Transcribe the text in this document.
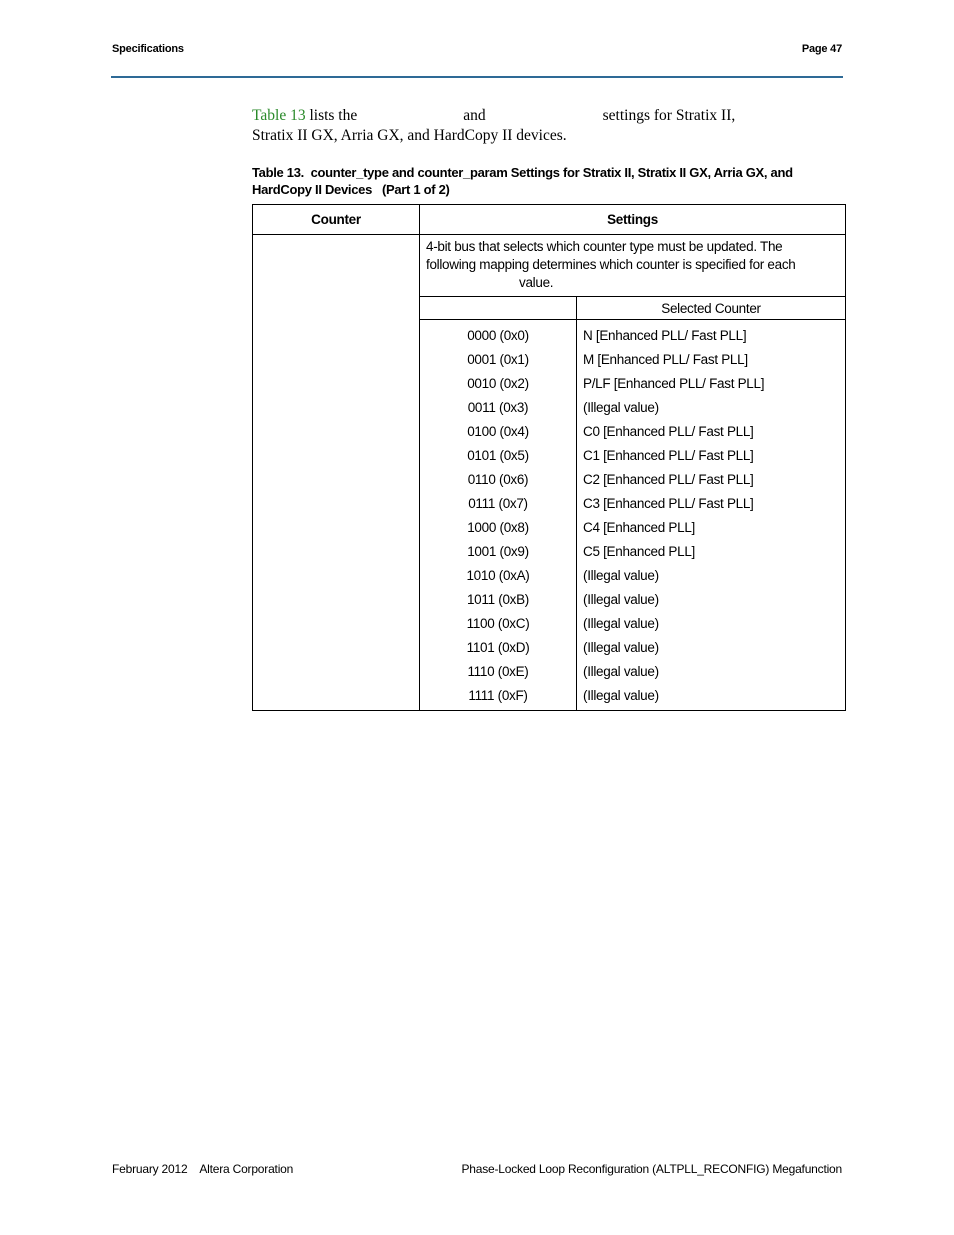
Specifications	Page 47
Table 13 lists the	and	settings for Stratix II,
Stratix II GX, Arria GX, and HardCopy II devices.
Table 13.  counter_type and counter_param Settings for Stratix II, Stratix II GX, Arria GX, and
HardCopy II Devices   (Part 1 of 2)
Counter	Settings	
	4-bit bus that selects which counter type must be updated. The
following mapping determines which counter is specified for each
value.	
		Selected Counter
	0000 (0x0)	N [Enhanced PLL/ Fast PLL]
	0001 (0x1)	M [Enhanced PLL/ Fast PLL]
	0010 (0x2)	P/LF [Enhanced PLL/ Fast PLL]
	0011 (0x3)	(Illegal value)
	0100 (0x4)	C0 [Enhanced PLL/ Fast PLL]
	0101 (0x5)	C1 [Enhanced PLL/ Fast PLL]
	0110 (0x6)	C2 [Enhanced PLL/ Fast PLL]
	0111 (0x7)	C3 [Enhanced PLL/ Fast PLL]
	1000 (0x8)	C4 [Enhanced PLL]
	1001 (0x9)	C5 [Enhanced PLL]
	1010 (0xA)	(Illegal value)
	1011 (0xB)	(Illegal value)
	1100 (0xC)	(Illegal value)
	1101 (0xD)	(Illegal value)
	1110 (0xE)	(Illegal value)
	1111 (0xF)	(Illegal value)
February 2012    Altera Corporation	Phase-Locked Loop Reconfiguration (ALTPLL_RECONFIG) Megafunction
